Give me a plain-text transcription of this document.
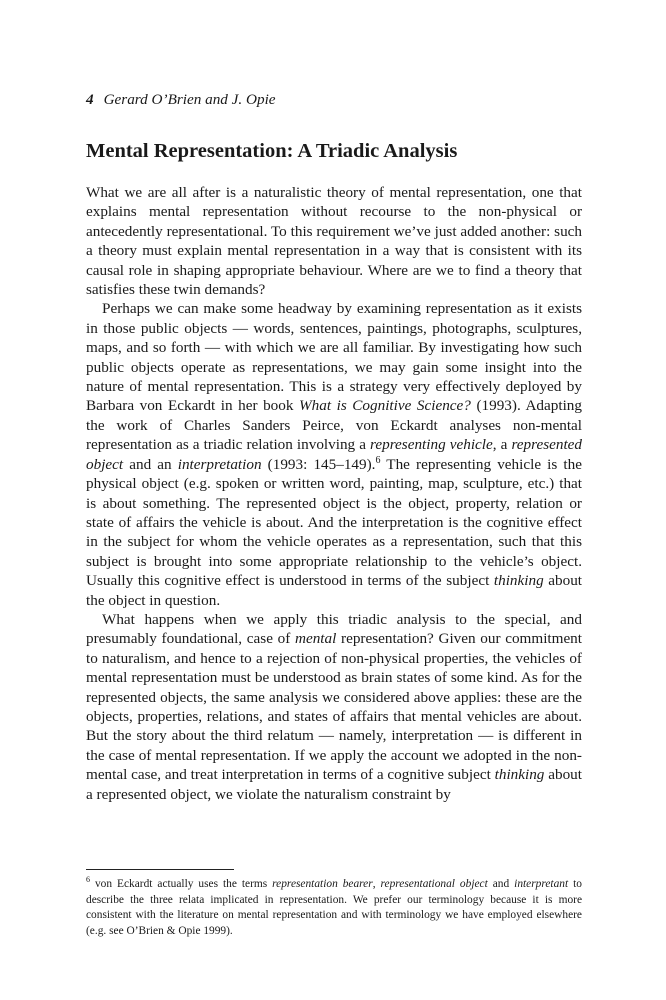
4 Gerard O’Brien and J. Opie
Mental Representation: A Triadic Analysis

What we are all after is a naturalistic theory of mental representation, one that explains mental representation without recourse to the non-physical or antecedently representational. To this requirement we’ve just added another: such a theory must explain mental representation in a way that is consistent with its causal role in shaping appropriate behaviour. Where are we to find a theory that satisfies these twin demands?

Perhaps we can make some headway by examining representation as it exists in those public objects — words, sentences, paintings, photographs, sculptures, maps, and so forth — with which we are all familiar. By investigating how such public objects operate as representations, we may gain some insight into the nature of mental representation. This is a strategy very effectively deployed by Barbara von Eckardt in her book What is Cognitive Science? (1993). Adapting the work of Charles Sanders Peirce, von Eckardt analyses non-mental representation as a triadic relation involving a representing vehicle, a represented object and an interpretation (1993: 145–149).$^6$ The representing vehicle is the physical object (e.g. spoken or written word, painting, map, sculpture, etc.) that is about something. The represented object is the object, property, relation or state of affairs the vehicle is about. And the interpretation is the cognitive effect in the subject for whom the vehicle operates as a representation, such that this subject is brought into some appropriate relationship to the vehicle’s object. Usually this cognitive effect is understood in terms of the subject thinking about the object in question.

What happens when we apply this triadic analysis to the special, and presumably foundational, case of mental representation? Given our commitment to naturalism, and hence to a rejection of non-physical properties, the vehicles of mental representation must be understood as brain states of some kind. As for the represented objects, the same analysis we considered above applies: these are the objects, properties, relations, and states of affairs that mental vehicles are about. But the story about the third relatum — namely, interpretation — is different in the case of mental representation. If we apply the account we adopted in the non-mental case, and treat interpretation in terms of a cognitive subject thinking about a represented object, we violate the naturalism constraint by

$^6$ von Eckardt actually uses the terms representation bearer, representational object and interpretant to describe the three relata implicated in representation. We prefer our terminology because it is more consistent with the literature on mental representation and with terminology we have employed elsewhere (e.g. see O’Brien & Opie 1999).
